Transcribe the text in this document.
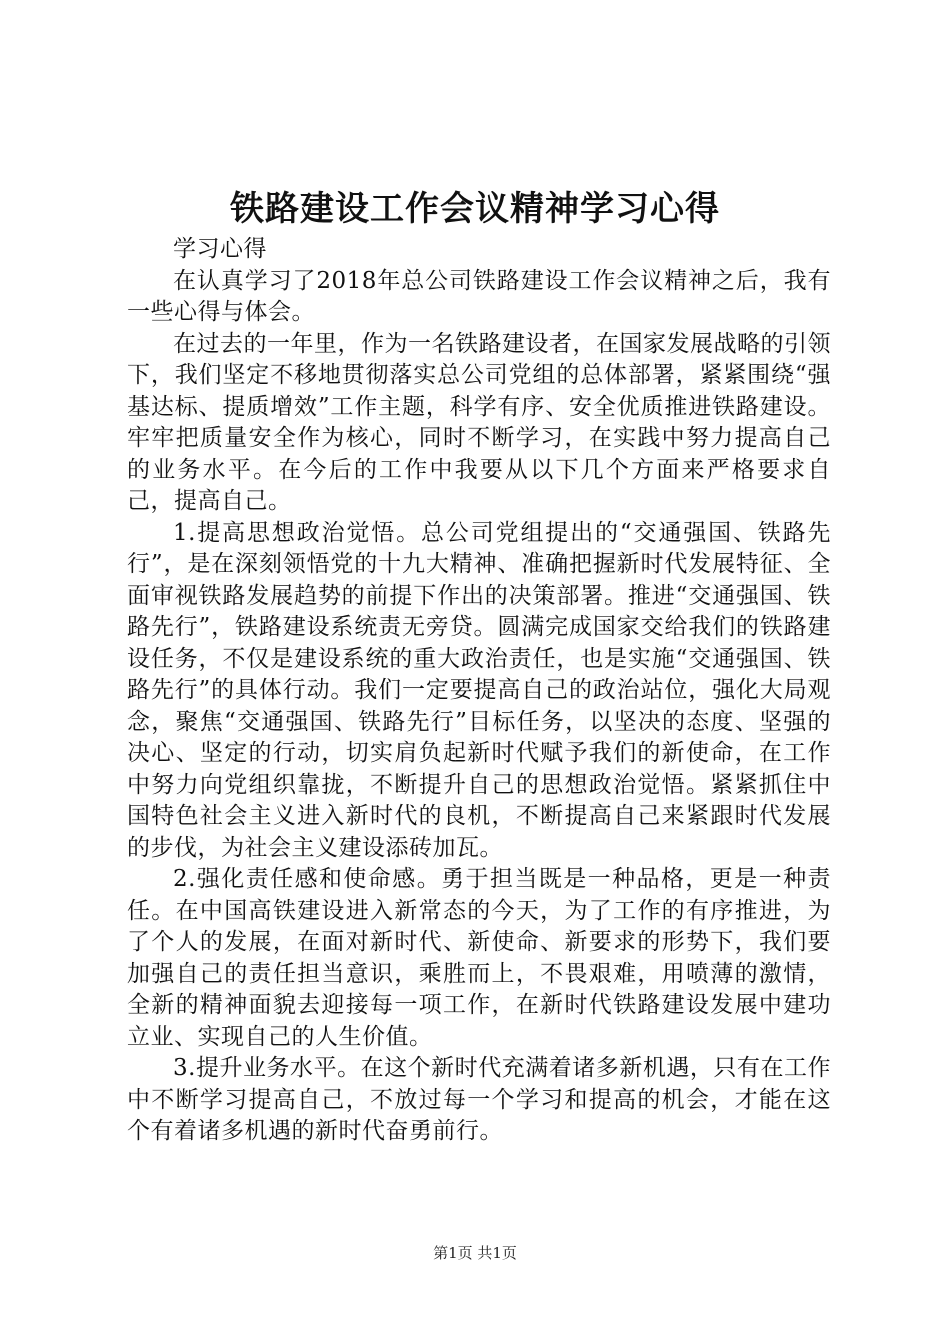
铁路建设工作会议精神学习心得

学习心得

在认真学习了2018年总公司铁路建设工作会议精神之后，我有一些心得与体会。

在过去的一年里，作为一名铁路建设者，在国家发展战略的引领下，我们坚定不移地贯彻落实总公司党组的总体部署，紧紧围绕“强基达标、提质增效”工作主题，科学有序、安全优质推进铁路建设。牢牢把质量安全作为核心，同时不断学习，在实践中努力提高自己的业务水平。在今后的工作中我要从以下几个方面来严格要求自己，提高自己。

1.提高思想政治觉悟。总公司党组提出的“交通强国、铁路先行”，是在深刻领悟党的十九大精神、准确把握新时代发展特征、全面审视铁路发展趋势的前提下作出的决策部署。推进“交通强国、铁路先行”，铁路建设系统责无旁贷。圆满完成国家交给我们的铁路建设任务，不仅是建设系统的重大政治责任，也是实施“交通强国、铁路先行”的具体行动。我们一定要提高自己的政治站位，强化大局观念，聚焦“交通强国、铁路先行”目标任务，以坚决的态度、坚强的决心、坚定的行动，切实肩负起新时代赋予我们的新使命，在工作中努力向党组织靠拢，不断提升自己的思想政治觉悟。紧紧抓住中国特色社会主义进入新时代的良机，不断提高自己来紧跟时代发展的步伐，为社会主义建设添砖加瓦。

2.强化责任感和使命感。勇于担当既是一种品格，更是一种责任。在中国高铁建设进入新常态的今天，为了工作的有序推进，为了个人的发展，在面对新时代、新使命、新要求的形势下，我们要加强自己的责任担当意识，乘胜而上，不畏艰难，用喷薄的激情，全新的精神面貌去迎接每一项工作，在新时代铁路建设发展中建功立业、实现自己的人生价值。

3.提升业务水平。在这个新时代充满着诸多新机遇，只有在工作中不断学习提高自己，不放过每一个学习和提高的机会，才能在这个有着诸多机遇的新时代奋勇前行。

第1页 共1页
